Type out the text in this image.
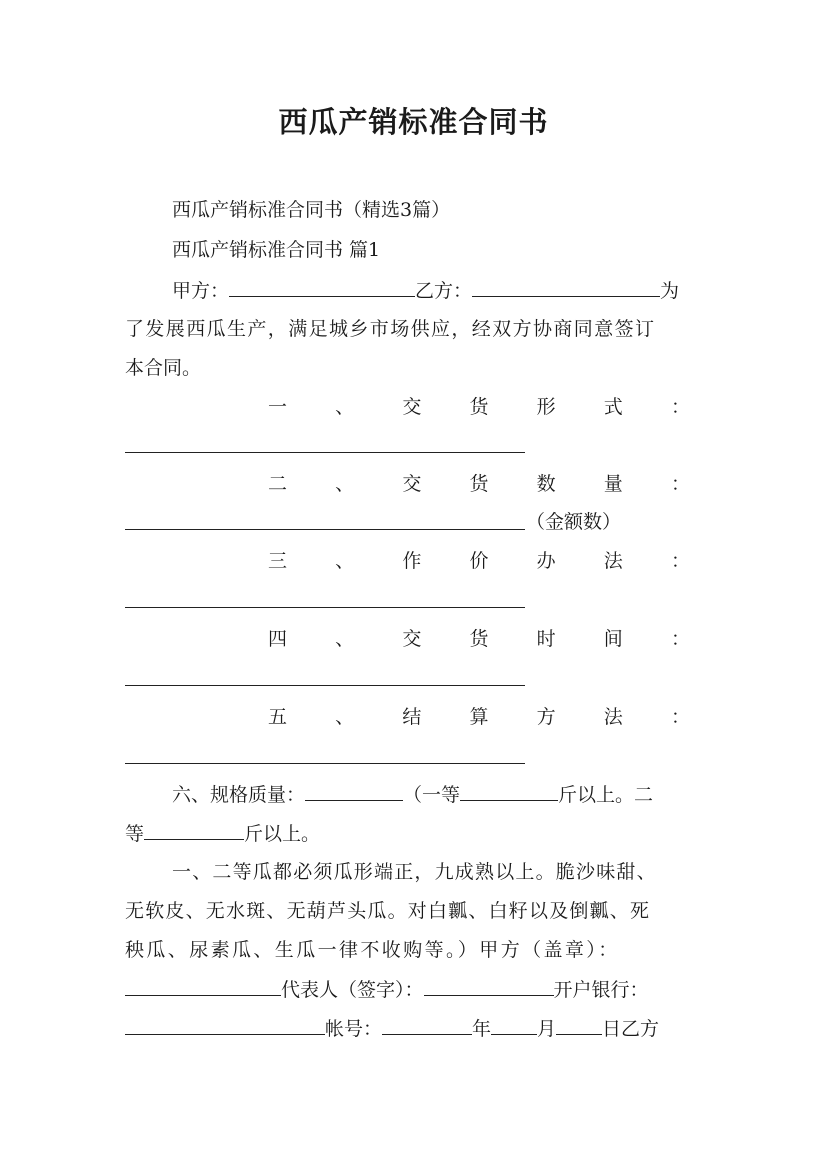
西瓜产销标准合同书
西瓜产销标准合同书（精选3篇）
西瓜产销标准合同书 篇1
甲方：	乙方：	为
了发展西瓜生产，满足城乡市场供应，经双方协商同意签订
本合同。
一	、	交	货	形	式	：
二	、	交	货	数	量	：
（金额数）
三	、	作	价	办	法	：
四	、	交	货	时	间	：
五	、	结	算	方	法	：
六、规格质量：	（一等	斤以上。二
等	斤以上。
一、二等瓜都必须瓜形端正，九成熟以上。脆沙味甜、
无软皮、无水斑、无葫芦头瓜。对白瓤、白籽以及倒瓤、死
秧瓜、尿素瓜、生瓜一律不收购等。）甲方（盖章）：
代表人（签字）：	开户银行：
帐号：	年 月 日乙方
